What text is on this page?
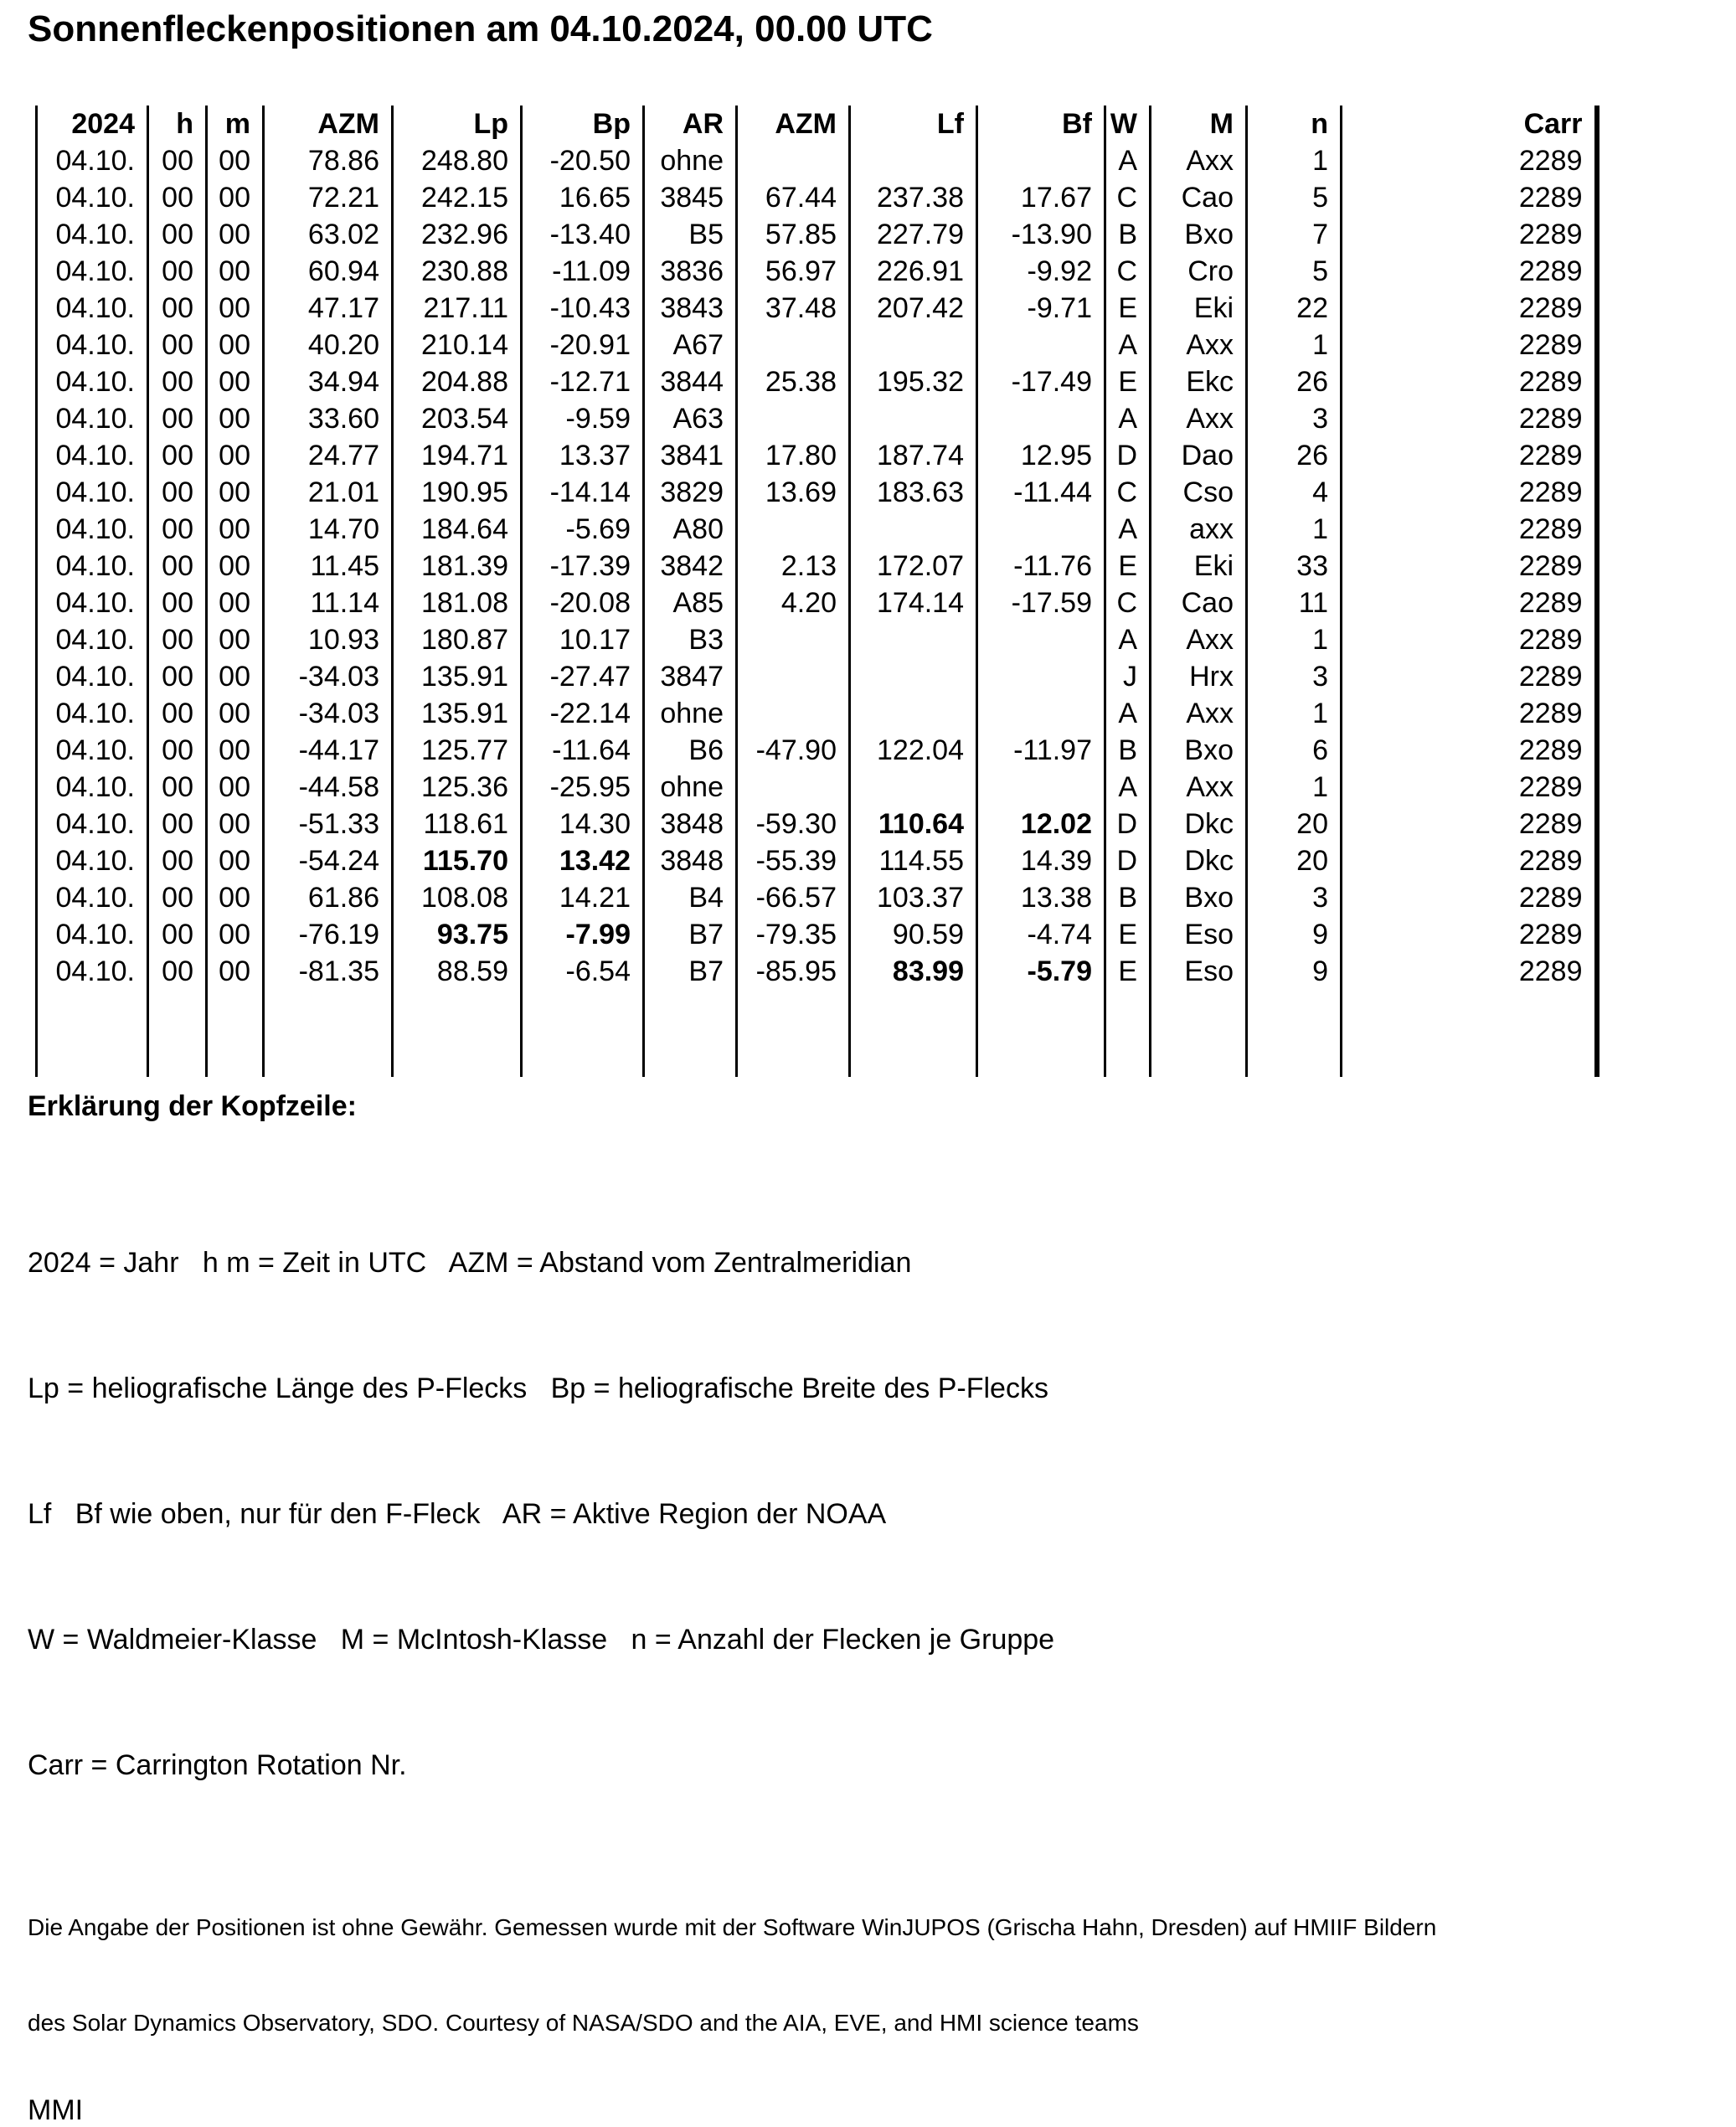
Sonnenfleckenpositionen am 04.10.2024, 00.00 UTC
2024	h	m	AZM	Lp	Bp	AR	AZM	Lf	Bf	W	M	n	Carr
04.10.	00	00	78.86	248.80	-20.50	ohne				A	Axx	1	2289
04.10.	00	00	72.21	242.15	16.65	3845	67.44	237.38	17.67	C	Cao	5	2289
04.10.	00	00	63.02	232.96	-13.40	B5	57.85	227.79	-13.90	B	Bxo	7	2289
04.10.	00	00	60.94	230.88	-11.09	3836	56.97	226.91	-9.92	C	Cro	5	2289
04.10.	00	00	47.17	217.11	-10.43	3843	37.48	207.42	-9.71	E	Eki	22	2289
04.10.	00	00	40.20	210.14	-20.91	A67				A	Axx	1	2289
04.10.	00	00	34.94	204.88	-12.71	3844	25.38	195.32	-17.49	E	Ekc	26	2289
04.10.	00	00	33.60	203.54	-9.59	A63				A	Axx	3	2289
04.10.	00	00	24.77	194.71	13.37	3841	17.80	187.74	12.95	D	Dao	26	2289
04.10.	00	00	21.01	190.95	-14.14	3829	13.69	183.63	-11.44	C	Cso	4	2289
04.10.	00	00	14.70	184.64	-5.69	A80				A	axx	1	2289
04.10.	00	00	11.45	181.39	-17.39	3842	2.13	172.07	-11.76	E	Eki	33	2289
04.10.	00	00	11.14	181.08	-20.08	A85	4.20	174.14	-17.59	C	Cao	11	2289
04.10.	00	00	10.93	180.87	10.17	B3				A	Axx	1	2289
04.10.	00	00	-34.03	135.91	-27.47	3847				J	Hrx	3	2289
04.10.	00	00	-34.03	135.91	-22.14	ohne				A	Axx	1	2289
04.10.	00	00	-44.17	125.77	-11.64	B6	-47.90	122.04	-11.97	B	Bxo	6	2289
04.10.	00	00	-44.58	125.36	-25.95	ohne				A	Axx	1	2289
04.10.	00	00	-51.33	118.61	14.30	3848	-59.30	110.64	12.02	D	Dkc	20	2289
04.10.	00	00	-54.24	115.70	13.42	3848	-55.39	114.55	14.39	D	Dkc	20	2289
04.10.	00	00	61.86	108.08	14.21	B4	-66.57	103.37	13.38	B	Bxo	3	2289
04.10.	00	00	-76.19	93.75	-7.99	B7	-79.35	90.59	-4.74	E	Eso	9	2289
04.10.	00	00	-81.35	88.59	-6.54	B7	-85.95	83.99	-5.79	E	Eso	9	2289

Erklärung der Kopfzeile:

2024 = Jahr   h m = Zeit in UTC   AZM = Abstand vom Zentralmeridian

Lp = heliografische Länge des P-Flecks   Bp = heliografische Breite des P-Flecks

Lf   Bf wie oben, nur für den F-Fleck   AR = Aktive Region der NOAA

W = Waldmeier-Klasse   M = McIntosh-Klasse   n = Anzahl der Flecken je Gruppe

Carr = Carrington Rotation Nr.

Die Angabe der Positionen ist ohne Gewähr. Gemessen wurde mit der Software WinJUPOS (Grischa Hahn, Dresden) auf HMIIF Bildern

des Solar Dynamics Observatory, SDO. Courtesy of NASA/SDO and the AIA, EVE, and HMI science teams

MMI
